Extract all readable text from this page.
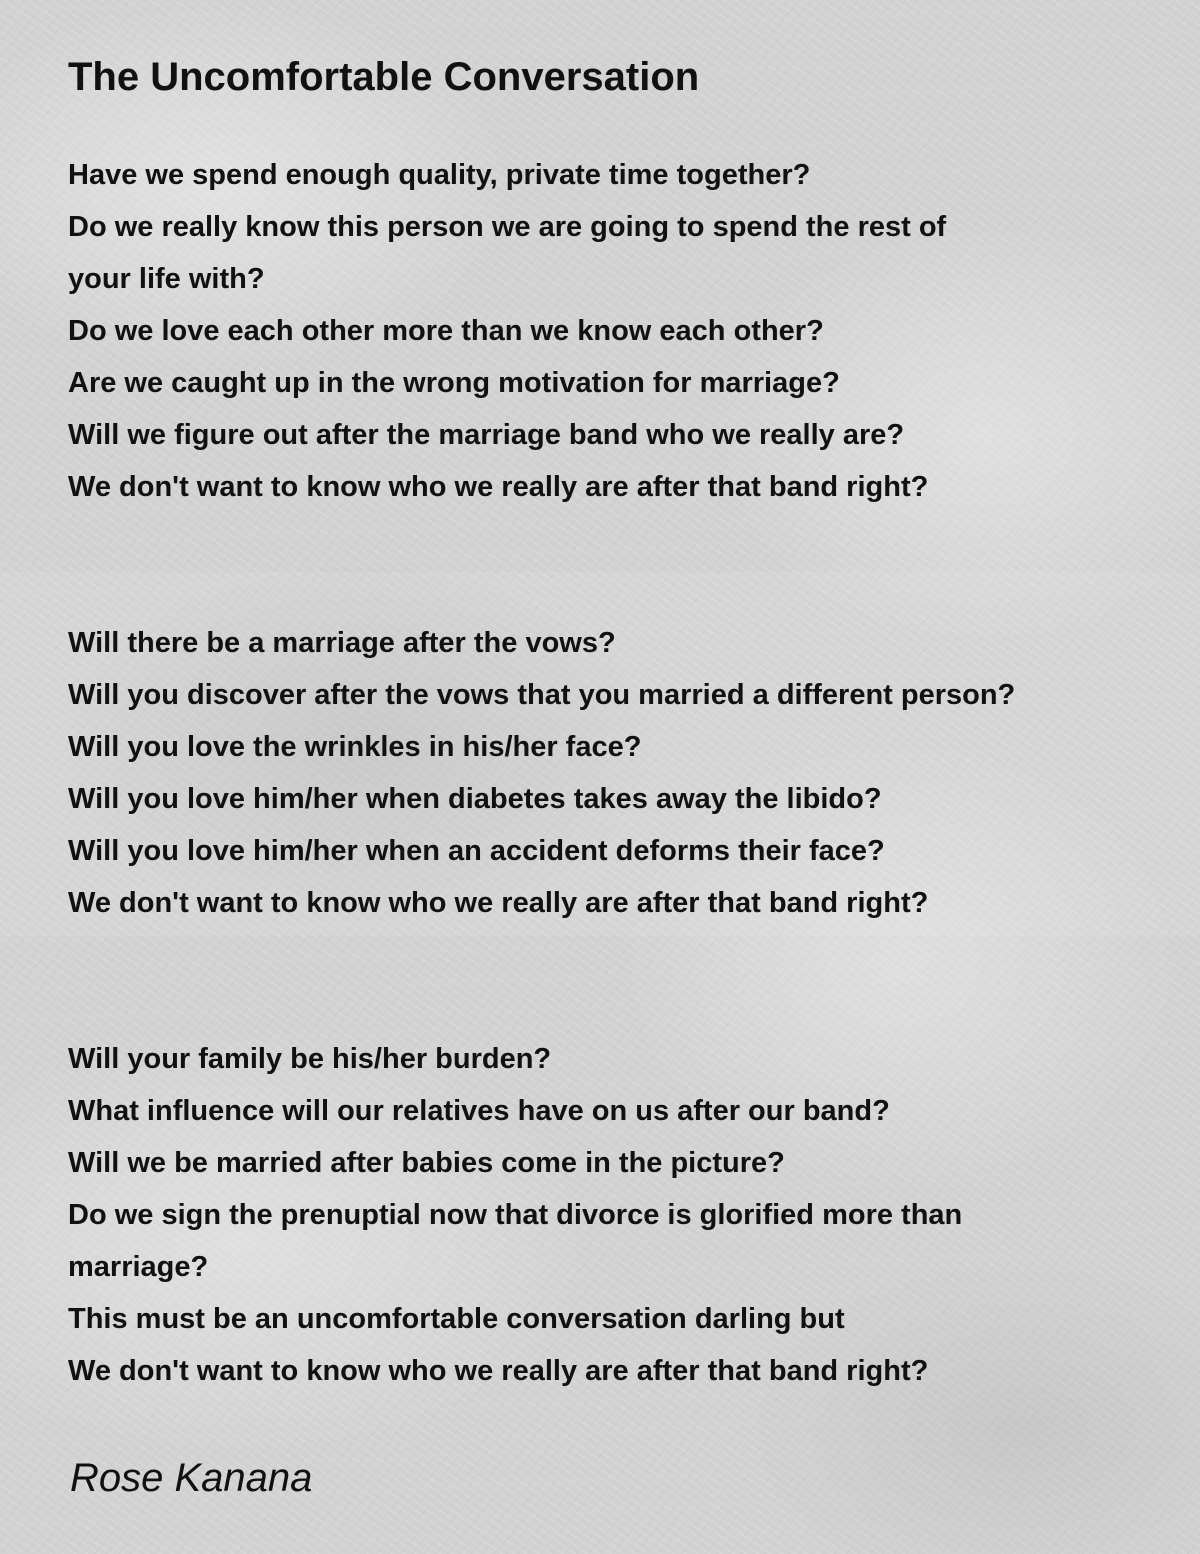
The Uncomfortable Conversation
Have we spend enough quality, private time together?
Do we really know this person we are going to spend the rest of
your life with?
Do we love each other more than we know each other?
Are we caught up in the wrong motivation for marriage?
Will we figure out after the marriage band who we really are?
We don't want to know who we really are after that band right?
Will there be a marriage after the vows?
Will you discover after the vows that you married a different person?
Will you love the wrinkles in his/her face?
Will you love him/her when diabetes takes away the libido?
Will you love him/her when an accident deforms their face?
We don't want to know who we really are after that band right?
Will your family be his/her burden?
What influence will our relatives have on us after our band?
Will we be married after babies come in the picture?
Do we sign the prenuptial now that divorce is glorified more than
marriage?
This must be an uncomfortable conversation darling but
We don't want to know who we really are after that band right?

Rose Kanana
